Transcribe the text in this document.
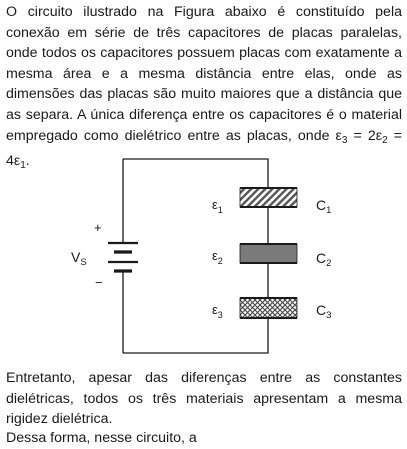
O circuito ilustrado na Figura abaixo é constituído pela conexão em série de três capacitores de placas paralelas, onde todos os capacitores possuem placas com exatamente a mesma área e a mesma distância entre elas, onde as dimensões das placas são muito maiores que a distância que as separa. A única diferença entre os capacitores é o material empregado como dielétrico entre as placas, onde $\varepsilon_3 = 2\varepsilon_2 = 4\varepsilon_1$.
+
−
$V_S$
$\varepsilon_1$	$C_1$
$\varepsilon_2$	$C_2$
$\varepsilon_3$	$C_3$
Entretanto, apesar das diferenças entre as constantes dielétricas, todos os três materiais apresentam a mesma rigidez dielétrica.
Dessa forma, nesse circuito, a
